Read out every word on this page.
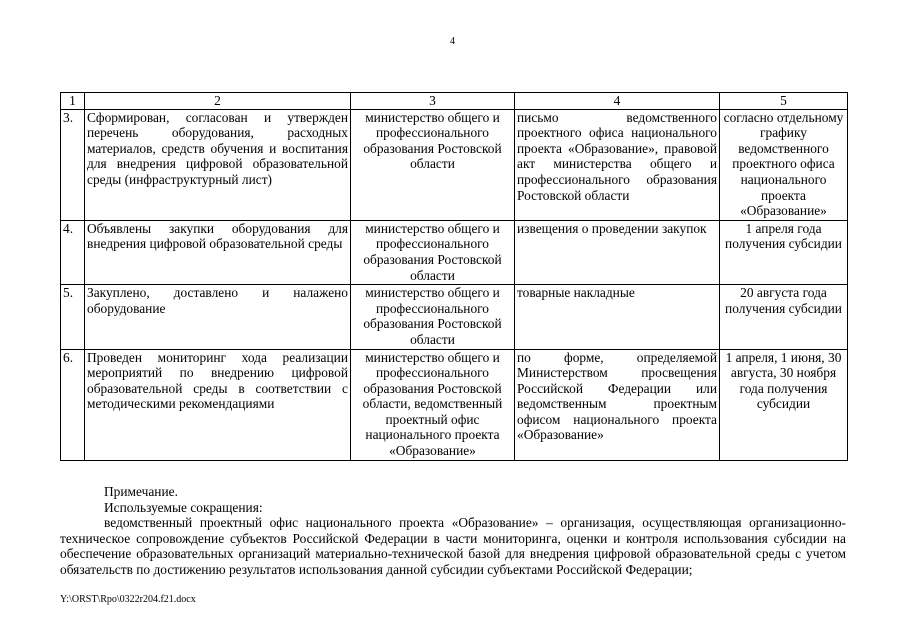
4
1	2	3	4	5
3.	Сформирован, согласован и утвержден перечень оборудования, расходных материалов, средств обучения и воспитания для внедрения цифровой образовательной среды (инфраструктурный лист)	министерство общего и профессионального образования Ростовской области	письмо ведомственного проектного офиса национального проекта «Образование», правовой акт министерства общего и профессионального образования Ростовской области	согласно отдельному графику ведомственного проектного офиса национального проекта «Образование»
4.	Объявлены закупки оборудования для внедрения цифровой образовательной среды	министерство общего и профессионального образования Ростовской области	извещения о проведении закупок	1 апреля года получения субсидии
5.	Закуплено, доставлено и налажено оборудование	министерство общего и профессионального образования Ростовской области	товарные накладные	20 августа года получения субсидии
6.	Проведен мониторинг хода реализации мероприятий по внедрению цифровой образовательной среды в соответствии с методическими рекомендациями	министерство общего и профессионального образования Ростовской области, ведомственный проектный офис национального проекта «Образование»	по форме, определяемой Министерством просвещения Российской Федерации или ведомственным проектным офисом национального проекта «Образование»	1 апреля, 1 июня, 30 августа, 30 ноября года получения субсидии

Примечание.

Используемые сокращения:

ведомственный проектный офис национального проекта «Образование» – организация, осуществляющая организационно-техническое сопровождение субъектов Российской Федерации в части мониторинга, оценки и контроля использования субсидии на обеспечение образовательных организаций материально-технической базой для внедрения цифровой образовательной среды с учетом обязательств по достижению результатов использования данной субсидии субъектами Российской Федерации;

Y:\ORST\Rpo\0322r204.f21.docx
